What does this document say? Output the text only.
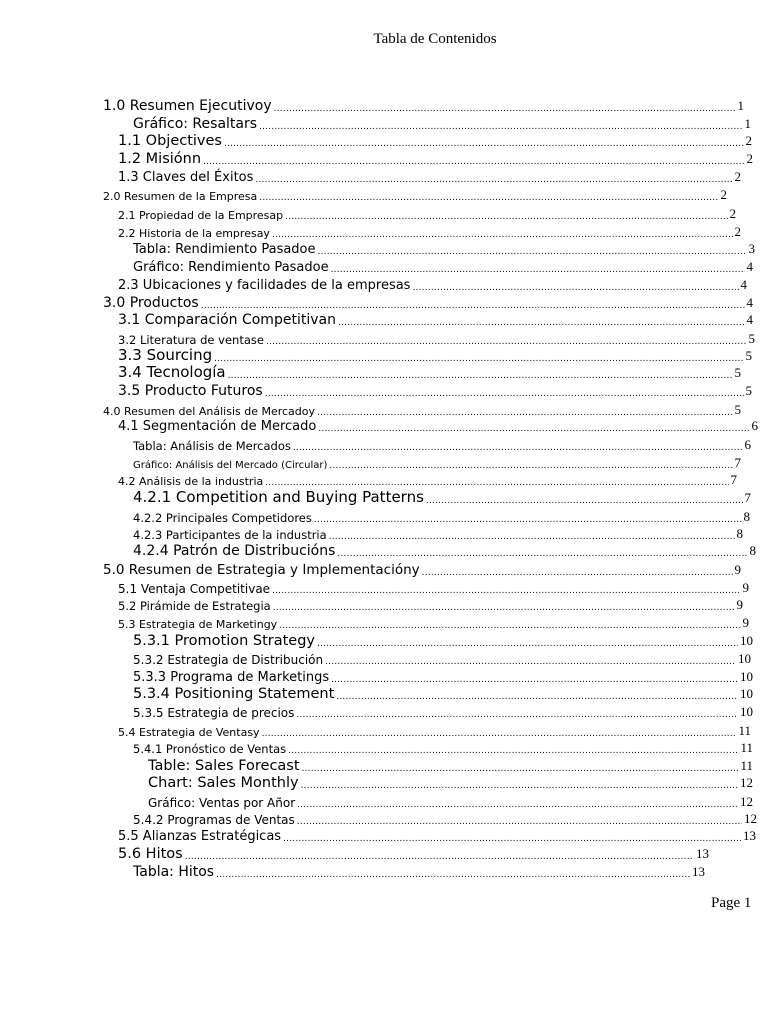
Tabla de Contenidos
1.0 Resumen Ejecutivoy .....	1
Gráfico: Resaltars .....	1
1.1 Objectives .....	2
1.2 Misiónn .....	2
1.3 Claves del Éxitos .....	2
2.0 Resumen de la Empresa .....	2
2.1 Propiedad de la Empresap .....	2
2.2 Historia de la empresay .....	2
Tabla: Rendimiento Pasadoe .....	3
Gráfico: Rendimiento Pasadoe .....	4
2.3 Ubicaciones y facilidades de la empresas .....	4
3.0 Productos .....	4
3.1 Comparación Competitivan .....	4
3.2 Literatura de ventase .....	5
3.3 Sourcing .....	5
3.4 Tecnología .....	5
3.5 Producto Futuros .....	5
4.0 Resumen del Análisis de Mercadoy .....	5
4.1 Segmentación de Mercado .....	6
Tabla: Análisis de Mercados .....	6
Gráfico: Análisis del Mercado (Circular) .....	7
4.2 Análisis de la industria .....	7
4.2.1 Competition and Buying Patterns .....	7
4.2.2 Principales Competidores .....	8
4.2.3 Participantes de la industria .....	8
4.2.4 Patrón de Distribucións .....	8
5.0 Resumen de Estrategia y Implementacióny .....	9
5.1 Ventaja Competitivae .....	9
5.2 Pirámide de Estrategia .....	9
5.3 Estrategia de Marketingy .....	9
5.3.1 Promotion Strategy .....	10
5.3.2 Estrategia de Distribución .....	10
5.3.3 Programa de Marketings .....	10
5.3.4 Positioning Statement .....	10
5.3.5 Estrategia de precios .....	10
5.4 Estrategia de Ventasy .....	11
5.4.1 Pronóstico de Ventas .....	11
Table: Sales Forecast .....	11
Chart: Sales Monthly .....	12
Gráfico: Ventas por Añor .....	12
5.4.2 Programas de Ventas .....	12
5.5 Alianzas Estratégicas .....	13
5.6 Hitos .....	13
Tabla: Hitos .....	13
Page 1
